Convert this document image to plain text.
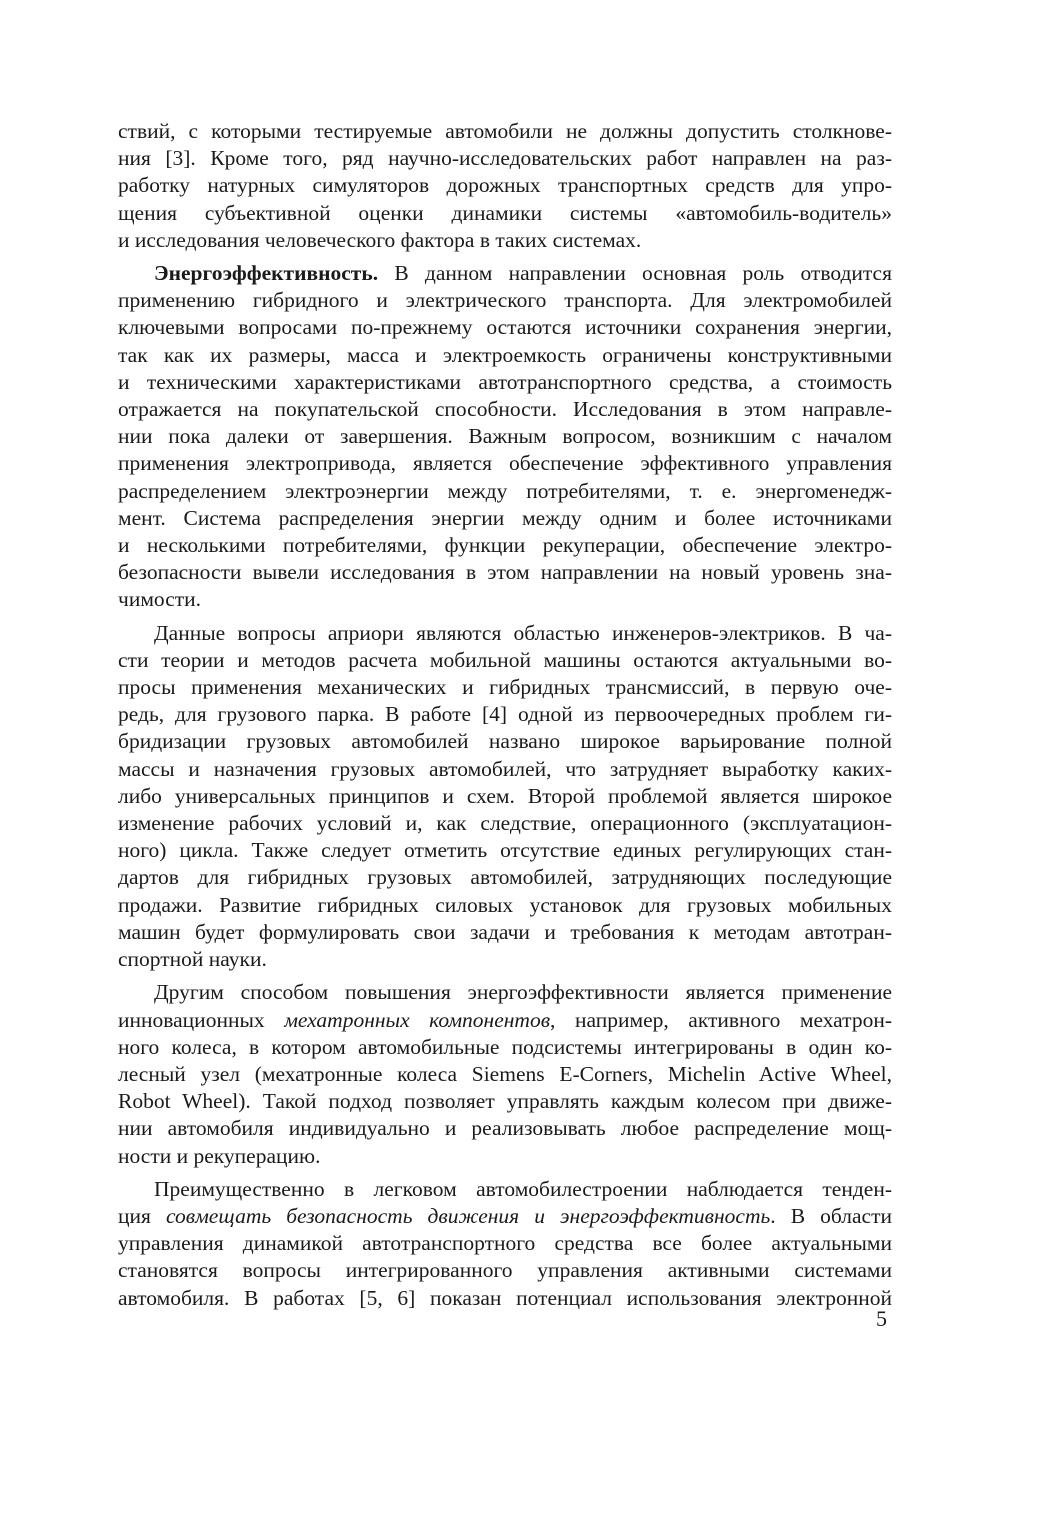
ствий, с которыми тестируемые автомобили не должны допустить столкнове-
ния [3]. Кроме того, ряд научно-исследовательских работ направлен на раз-
работку натурных симуляторов дорожных транспортных средств для упро-
щения субъективной оценки динамики системы «автомобиль-водитель»
и исследования человеческого фактора в таких системах.
Энергоэффективность. В данном направлении основная роль отводится
применению гибридного и электрического транспорта. Для электромобилей
ключевыми вопросами по-прежнему остаются источники сохранения энергии,
так как их размеры, масса и электроемкость ограничены конструктивными
и техническими характеристиками автотранспортного средства, а стоимость
отражается на покупательской способности. Исследования в этом направле-
нии пока далеки от завершения. Важным вопросом, возникшим с началом
применения электропривода, является обеспечение эффективного управления
распределением электроэнергии между потребителями, т. е. энергоменедж-
мент. Система распределения энергии между одним и более источниками
и несколькими потребителями, функции рекуперации, обеспечение электро-
безопасности вывели исследования в этом направлении на новый уровень зна-
чимости.
Данные вопросы априори являются областью инженеров-электриков. В ча-
сти теории и методов расчета мобильной машины остаются актуальными во-
просы применения механических и гибридных трансмиссий, в первую оче-
редь, для грузового парка. В работе [4] одной из первоочередных проблем ги-
бридизации грузовых автомобилей названо широкое варьирование полной
массы и назначения грузовых автомобилей, что затрудняет выработку каких-
либо универсальных принципов и схем. Второй проблемой является широкое
изменение рабочих условий и, как следствие, операционного (эксплуатацион-
ного) цикла. Также следует отметить отсутствие единых регулирующих стан-
дартов для гибридных грузовых автомобилей, затрудняющих последующие
продажи. Развитие гибридных силовых установок для грузовых мобильных
машин будет формулировать свои задачи и требования к методам автотран-
спортной науки.
Другим способом повышения энергоэффективности является применение
инновационных мехатронных компонентов, например, активного мехатрон-
ного колеса, в котором автомобильные подсистемы интегрированы в один ко-
лесный узел (мехатронные колеса Siemens E-Corners, Michelin Active Wheel,
Robot Wheel). Такой подход позволяет управлять каждым колесом при движе-
нии автомобиля индивидуально и реализовывать любое распределение мощ-
ности и рекуперацию.
Преимущественно в легковом автомобилестроении наблюдается тенден-
ция совмещать безопасность движения и энергоэффективность. В области
управления динамикой автотранспортного средства все более актуальными
становятся вопросы интегрированного управления активными системами
автомобиля. В работах [5, 6] показан потенциал использования электронной
5
